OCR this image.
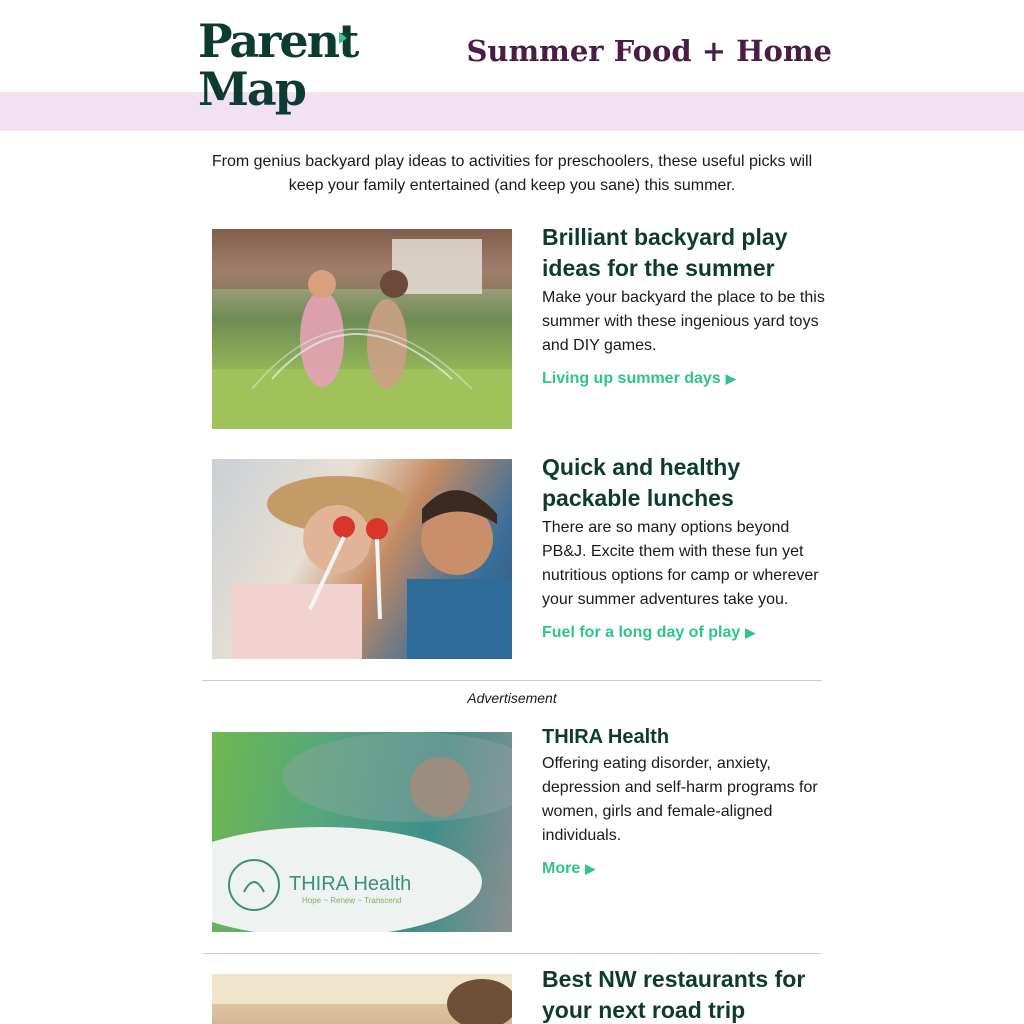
Parent
Map
Summer Food + Home

From genius backyard play ideas to activities for preschoolers, these useful picks will keep your family entertained (and keep you sane) this summer.

Brilliant backyard play ideas for the summer

Make your backyard the place to be this summer with these ingenious yard toys and DIY games.

Living up summer days ▶
Quick and healthy packable lunches

There are so many options beyond PB&J. Excite them with these fun yet nutritious options for camp or wherever your summer adventures take you.

Fuel for a long day of play ▶
Advertisement
THIRA Health
Hope ~ Renew ~ Transcend
THIRA Health

Offering eating disorder, anxiety, depression and self-harm programs for women, girls and female-aligned individuals.

More ▶
Best NW restaurants for your next road trip
